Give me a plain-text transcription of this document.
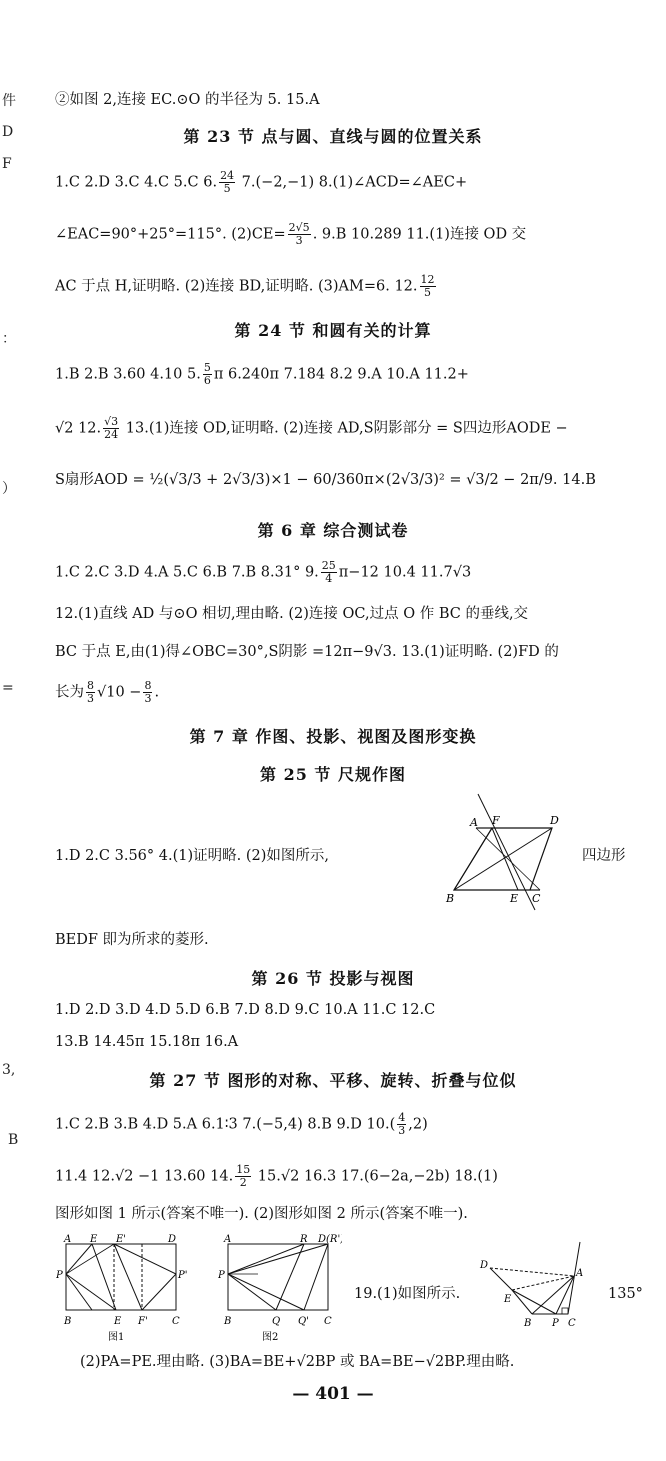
件
D
F
：
）
=
3,
B
②如图 2,连接 EC.⊙O 的半径为 5. 15.A
第 23 节 点与圆、直线与圆的位置关系
1.C 2.D 3.C 4.C 5.C 6. $\frac{24}{5} 7.(-2,-1)$ 8.(1)∠ACD=∠AEC+
∠EAC=90°+25°=115°. $(2)CE= \frac{2√5}{3}$ . 9.B 10.289 11.(1)连接 OD 交
AC 于点 H,证明略. (2)连接 BD,证明略. (3)AM=6. 12. $\frac{12}{5}$
第 24 节 和圆有关的计算
1.B 2.B 3.60 4.10 5. $\frac{5}{6}$ π 6.240π 7.184 8.2 9.A 10.A 11.2+
√2 12. $\frac{√3}{24} 13.(1)$连接 OD,证明略. (2)连接 AD,S阴影部分 = S四边形AODE −
S扇形AOD = ½(√3/3 + 2√3/3)×1 − 60/360π×(2√3/3)² = √3/2 − 2π/9. 14.B
第 6 章 综合测试卷
1.C 2.C 3.D 4.A 5.C 6.B 7.B 8.31° 9. $\frac{25}{4} \pi-12$ 10.4 11.7√3
12.(1)直线 AD 与⊙O 相切,理由略. (2)连接 OC,过点 O 作 BC 的垂线,交
BC 于点 E,由(1)得∠OBC=30°,S阴影 =12π−9√3. 13.(1)证明略. (2)FD 的
长为 $\frac{8}{3} √10 - \frac{8}{3}$ .
第 7 章 作图、投影、视图及图形变换
第 25 节 尺规作图
1.D 2.C 3.56° 4.(1)证明略. (2)如图所示,	四边形
A F	D
B	E C
BEDF 即为所求的菱形.
第 26 节 投影与视图
1.D 2.D 3.D 4.D 5.D 6.B 7.D 8.D 9.C 10.A 11.C 12.C
13.B 14.45π 15.18π 16.A
第 27 节 图形的对称、平移、旋转、折叠与位似
1.C 2.B 3.B 4.D 5.A 6.1∶3 7.(−5,4) 8.B 9.D $10.( \frac{4}{3} ,2)$
11.4 12.√2 −1 13.60 14. $\frac{15}{2} 15.√2$ 16.3 17.(6−2a,−2b) 18.(1)
图形如图 1 所示(答案不唯一). (2)图形如图 2 所示(答案不唯一).
A E E'	D
P	P'
B	E F' C
图1
A	R D(R')
P
B	Q Q' C
图2
19.(1)如图所示.
D
A
E
B P C
135°
(2)PA=PE.理由略. (3)BA=BE+√2BP 或 BA=BE−√2BP.理由略.
— 401 —
